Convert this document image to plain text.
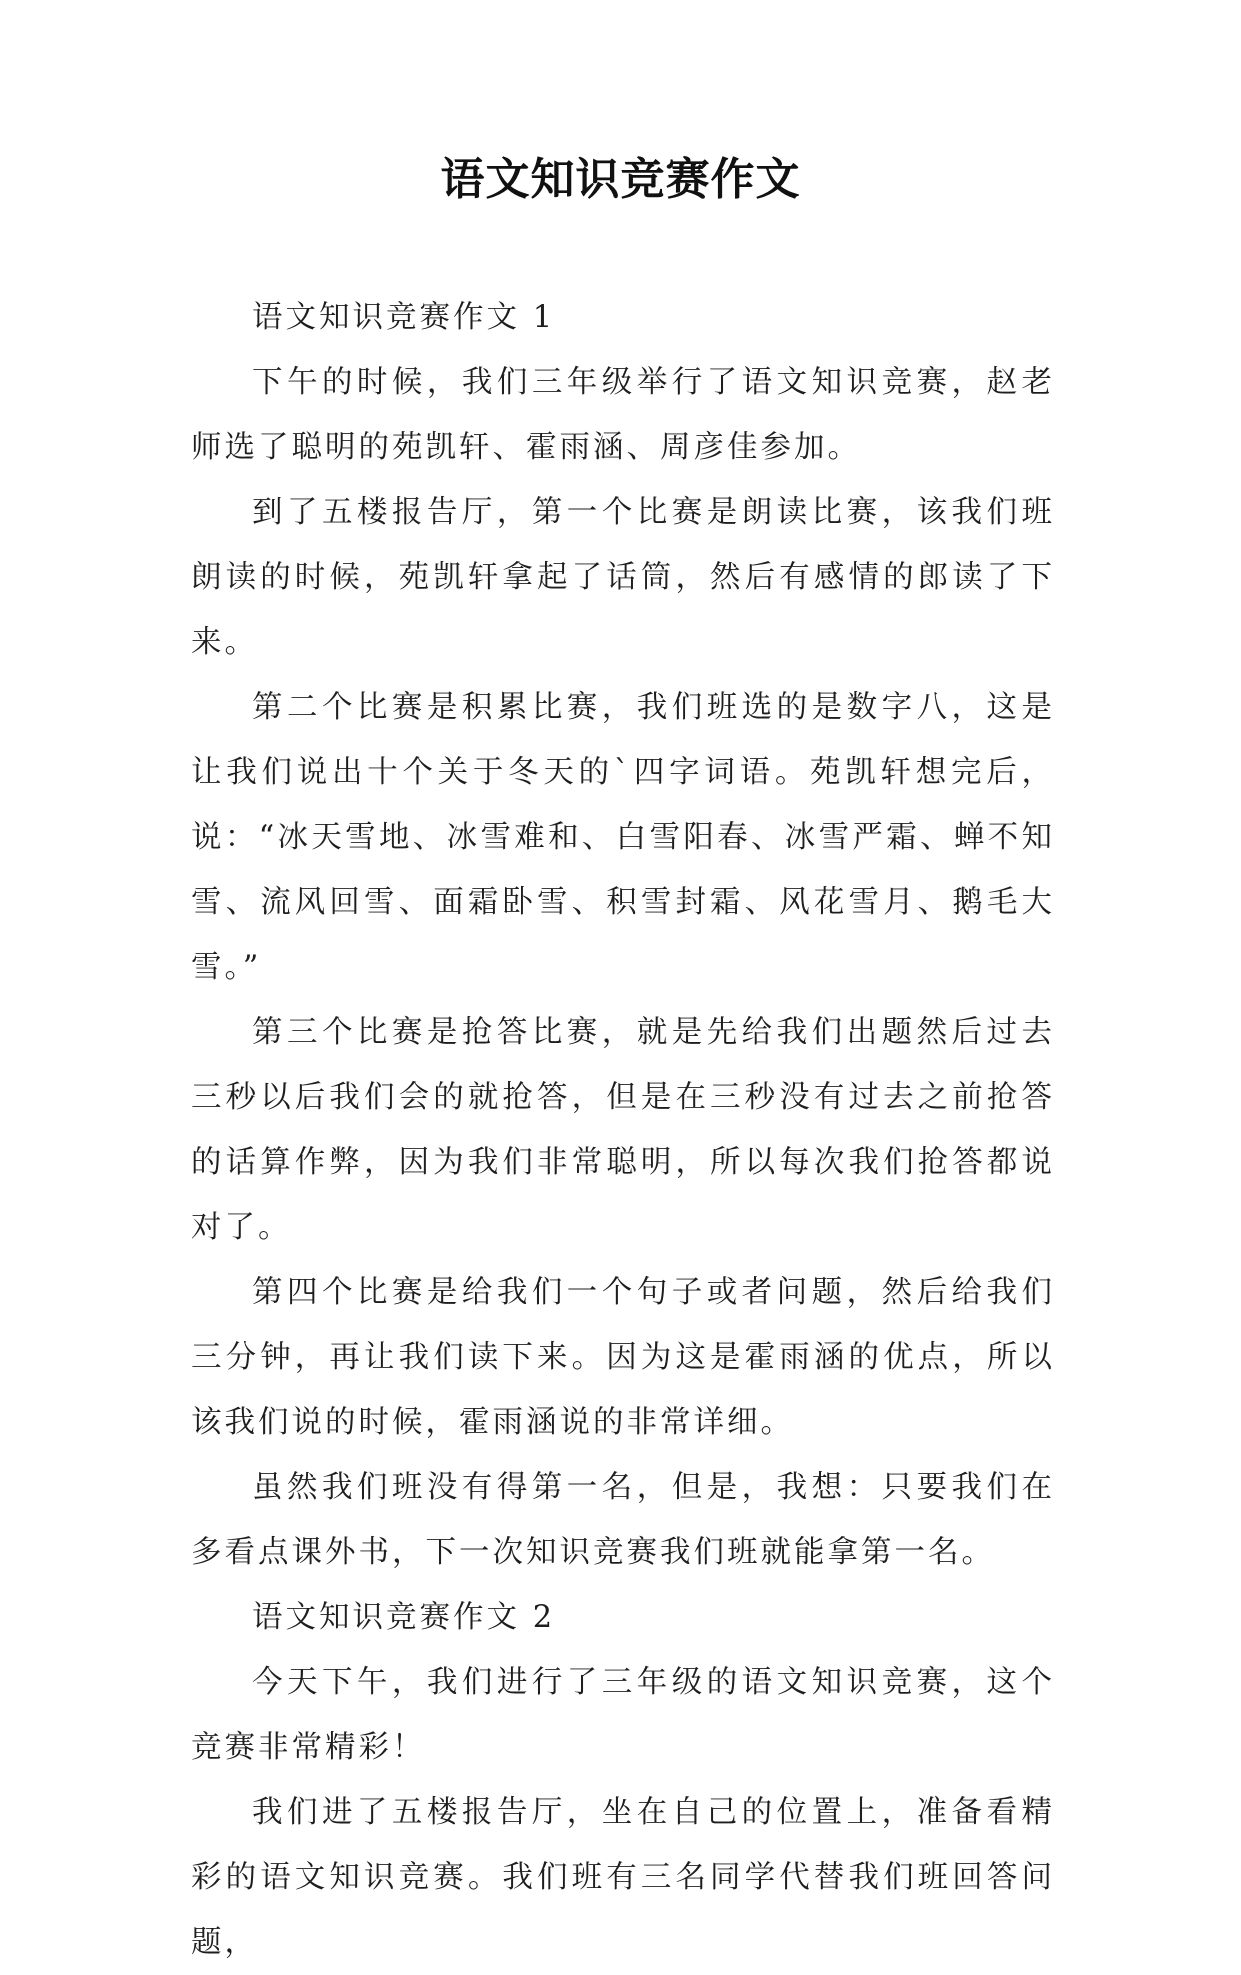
语文知识竞赛作文

语文知识竞赛作文 1

下午的时候，我们三年级举行了语文知识竞赛，赵老师选了聪明的苑凯轩、霍雨涵、周彦佳参加。

到了五楼报告厅，第一个比赛是朗读比赛，该我们班朗读的时候，苑凯轩拿起了话筒，然后有感情的郎读了下来。

第二个比赛是积累比赛，我们班选的是数字八，这是让我们说出十个关于冬天的`四字词语。苑凯轩想完后，说：“冰天雪地、冰雪难和、白雪阳春、冰雪严霜、蝉不知雪、流风回雪、面霜卧雪、积雪封霜、风花雪月、鹅毛大雪。”

第三个比赛是抢答比赛，就是先给我们出题然后过去三秒以后我们会的就抢答，但是在三秒没有过去之前抢答的话算作弊，因为我们非常聪明，所以每次我们抢答都说对了。

第四个比赛是给我们一个句子或者问题，然后给我们三分钟，再让我们读下来。因为这是霍雨涵的优点，所以该我们说的时候，霍雨涵说的非常详细。

虽然我们班没有得第一名，但是，我想：只要我们在多看点课外书，下一次知识竞赛我们班就能拿第一名。

语文知识竞赛作文 2

今天下午，我们进行了三年级的语文知识竞赛，这个竞赛非常精彩！

我们进了五楼报告厅，坐在自己的位置上，准备看精彩的语文知识竞赛。我们班有三名同学代替我们班回答问题，
